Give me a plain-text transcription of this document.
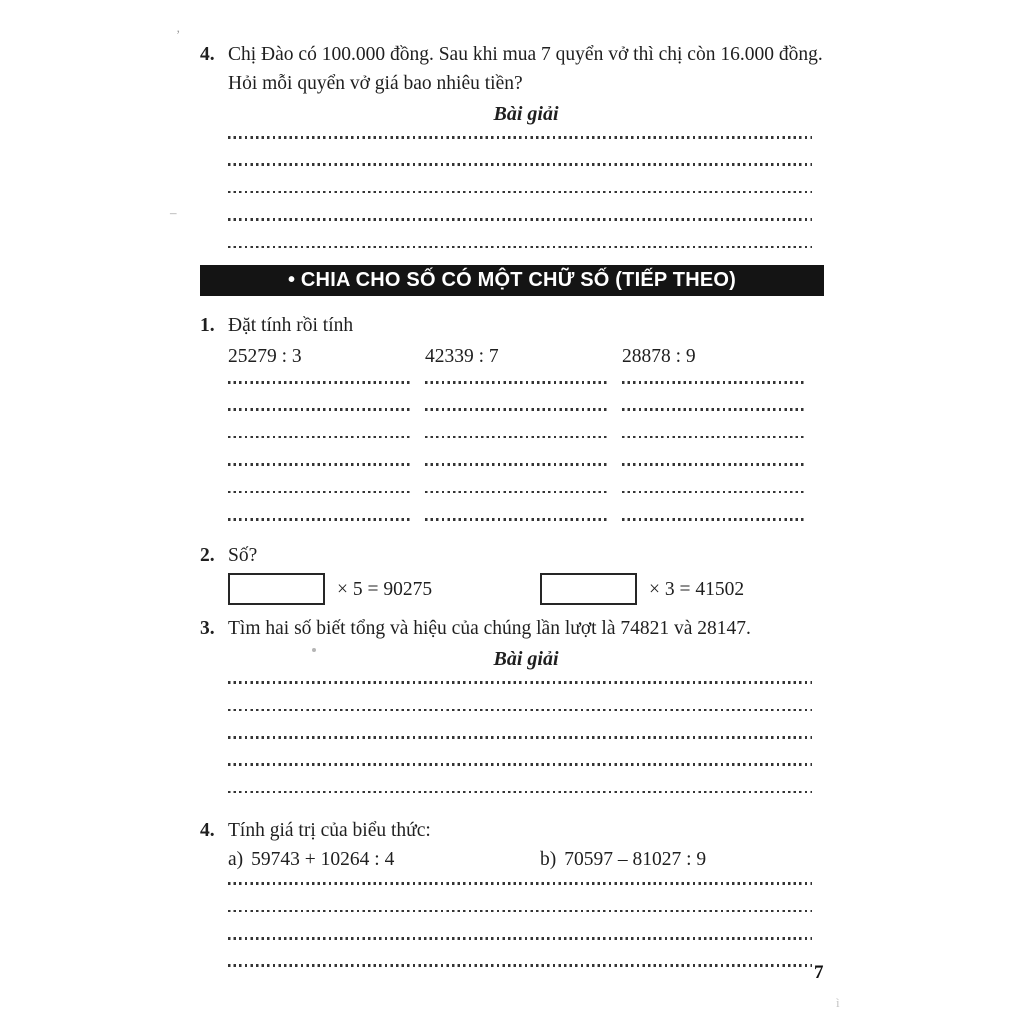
’
–
4. Chị Đào có 100.000 đồng. Sau khi mua 7 quyển vở thì chị còn 16.000 đồng.
Hỏi mỗi quyển vở giá bao nhiêu tiền?
Bài giải
• CHIA CHO SỐ CÓ MỘT CHỮ SỐ (TIẾP THEO)
1. Đặt tính rồi tính
25279 : 3	42339 : 7	28878 : 9
2. Số?
× 5 = 90275	× 3 = 41502
3. Tìm hai số biết tổng và hiệu của chúng lần lượt là 74821 và 28147.
Bài giải
4. Tính giá trị của biểu thức:
a) 59743 + 10264 : 4	b) 70597 – 81027 : 9
7
ì
